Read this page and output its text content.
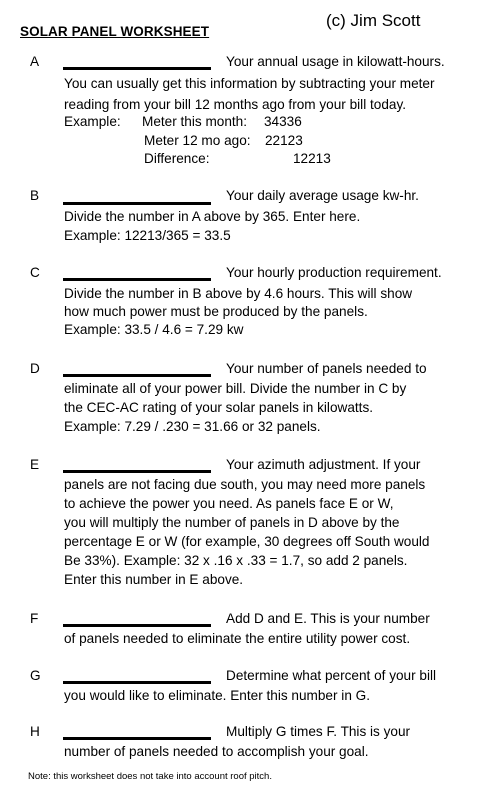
SOLAR PANEL WORKSHEET
(c) Jim Scott
A	Your annual usage in kilowatt-hours.
You can usually get this information by subtracting your meter
reading from your bill 12 months ago from your bill today.
Example: Meter this month: 34336
Meter 12 mo ago: 22123
Difference:	12213
B	Your daily average usage kw-hr.
Divide the number in A above by 365. Enter here.
Example: 12213/365 = 33.5
C	Your hourly production requirement.
Divide the number in B above by 4.6 hours. This will show
how much power must be produced by the panels.
Example: 33.5 / 4.6 = 7.29 kw
D	Your number of panels needed to
eliminate all of your power bill. Divide the number in C by
the CEC-AC rating of your solar panels in kilowatts.
Example: 7.29 / .230 = 31.66 or 32 panels.
E	Your azimuth adjustment. If your
panels are not facing due south, you may need more panels
to achieve the power you need. As panels face E or W,
you will multiply the number of panels in D above by the
percentage E or W (for example, 30 degrees off South would
Be 33%). Example: 32 x .16 x .33 = 1.7, so add 2 panels.
Enter this number in E above.
F	Add D and E. This is your number
of panels needed to eliminate the entire utility power cost.
G	Determine what percent of your bill
you would like to eliminate. Enter this number in G.
H	Multiply G times F. This is your
number of panels needed to accomplish your goal.
Note: this worksheet does not take into account roof pitch.
